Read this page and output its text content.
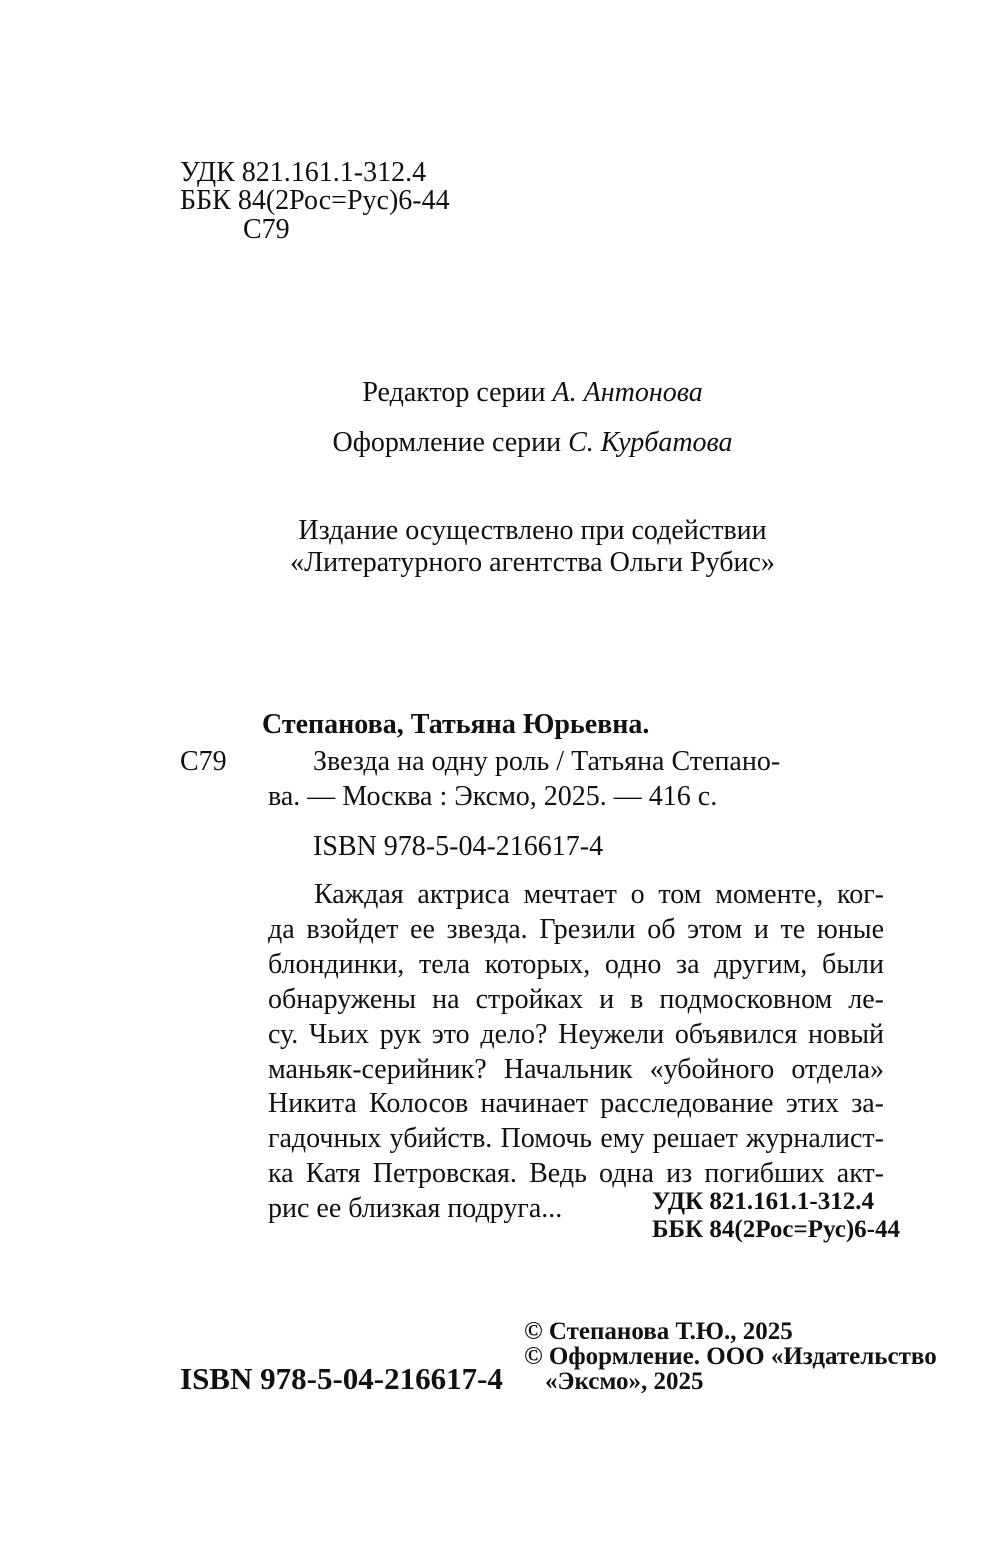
УДК 821.161.1-312.4
ББК 84(2Рос=Рус)6-44
С79
Редактор серии А. Антонова
Оформление серии С. Курбатова
Издание осуществлено при содействии
«Литературного агентства Ольги Рубис»
Степанова, Татьяна Юрьевна.
С79	Звезда на одну роль / Татьяна Степано-
ва. — Москва : Эксмо, 2025. — 416 с.
ISBN 978-5-04-216617-4
Каждая актриса мечтает о том моменте, ког-
да взойдет ее звезда. Грезили об этом и те юные
блондинки, тела которых, одно за другим, были
обнаружены на стройках и в подмосковном ле-
су. Чьих рук это дело? Неужели объявился новый
маньяк-серийник? Начальник «убойного отдела»
Никита Колосов начинает расследование этих за-
гадочных убийств. Помочь ему решает журналист-
ка Катя Петровская. Ведь одна из погибших акт-
рис ее близкая подруга...	УДК 821.161.1-312.4
ББК 84(2Рос=Рус)6-44
ISBN 978-5-04-216617-4
© Степанова Т.Ю., 2025
© Оформление. ООО «Издательство
«Эксмо», 2025
